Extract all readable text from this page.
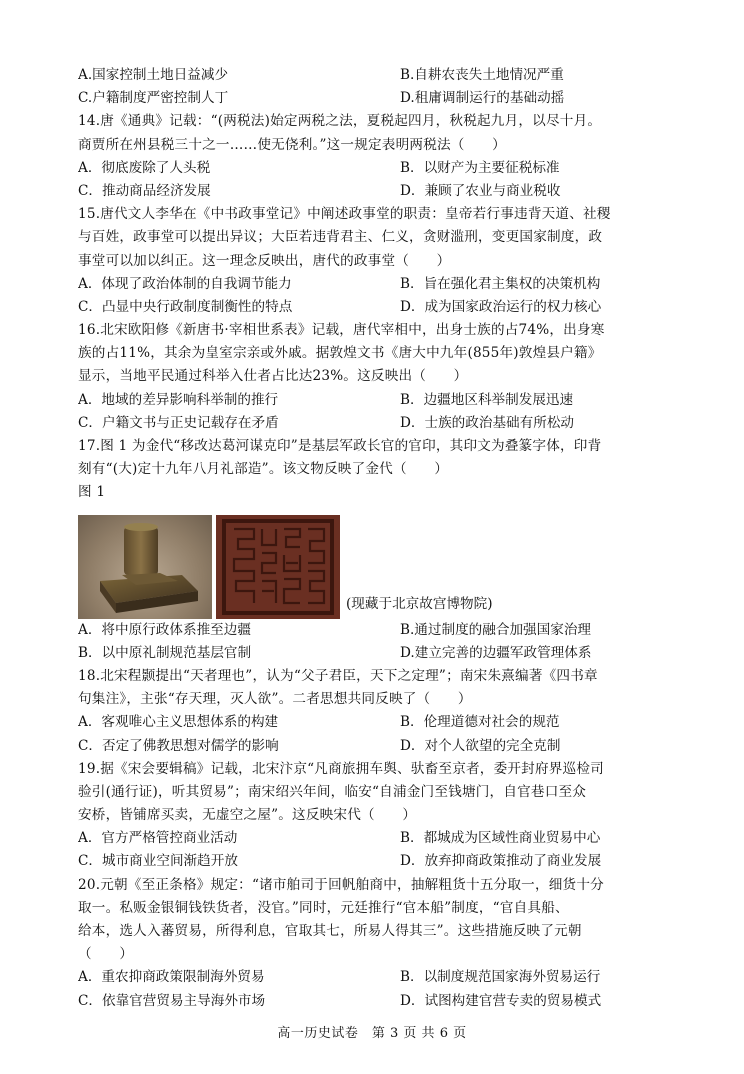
A.国家控制土地日益减少	B.自耕农丧失土地情况严重
C.户籍制度严密控制人丁	D.租庸调制运行的基础动摇
14.唐《通典》记载：“(两税法)始定两税之法，夏税起四月，秋税起九月，以尽十月。
商贾所在州县税三十之一……使无侥利。”这一规定表明两税法（　　）
A．彻底废除了人头税	B．以财产为主要征税标准
C．推动商品经济发展	D．兼顾了农业与商业税收
15.唐代文人李华在《中书政事堂记》中阐述政事堂的职责：皇帝若行事违背天道、社稷
与百姓，政事堂可以提出异议；大臣若违背君主、仁义，贪财滥刑，变更国家制度，政
事堂可以加以纠正。这一理念反映出，唐代的政事堂（　　）
A．体现了政治体制的自我调节能力	B．旨在强化君主集权的决策机构
C．凸显中央行政制度制衡性的特点	D．成为国家政治运行的权力核心
16.北宋欧阳修《新唐书·宰相世系表》记载，唐代宰相中，出身士族的占74%，出身寒
族的占11%，其余为皇室宗亲或外戚。据敦煌文书《唐大中九年(855年)敦煌县户籍》
显示，当地平民通过科举入仕者占比达23%。这反映出（　　）
A．地域的差异影响科举制的推行	B．边疆地区科举制发展迅速
C．户籍文书与正史记载存在矛盾	D．士族的政治基础有所松动
17.图 1 为金代“移改达葛河谋克印”是基层军政长官的官印，其印文为叠篆字体，印背
刻有“(大)定十九年八月礼部造”。该文物反映了金代（　　）
图 1
(现藏于北京故宫博物院)
A．将中原行政体系推至边疆	B.通过制度的融合加强国家治理
B．以中原礼制规范基层官制	D.建立完善的边疆军政管理体系
18.北宋程颢提出“天者理也”，认为“父子君臣，天下之定理”；南宋朱熹编著《四书章
句集注》，主张“存天理，灭人欲”。二者思想共同反映了（　　）
A．客观唯心主义思想体系的构建	B．伦理道德对社会的规范
C．否定了佛教思想对儒学的影响	D．对个人欲望的完全克制
19.据《宋会要辑稿》记载，北宋汴京“凡商旅拥车舆、驮畜至京者，委开封府界巡检司
验引(通行证)，听其贸易”；南宋绍兴年间，临安“自浦金门至钱塘门，自官巷口至众
安桥，皆铺席买卖，无虚空之屋”。这反映宋代（　　）
A．官方严格管控商业活动	B．都城成为区域性商业贸易中心
C．城市商业空间渐趋开放	D．放弃抑商政策推动了商业发展
20.元朝《至正条格》规定：“诸市舶司于回帆舶商中，抽解粗货十五分取一，细货十分
取一。私贩金银铜钱铁货者，没官。”同时，元廷推行“官本船”制度，“官自具船、
给本，选人入蕃贸易，所得利息，官取其七，所易人得其三”。这些措施反映了元朝
（　　）
A．重农抑商政策限制海外贸易	B．以制度规范国家海外贸易运行
C．依靠官营贸易主导海外市场	D．试图构建官营专卖的贸易模式
高一历史试卷　第 3 页 共 6 页
